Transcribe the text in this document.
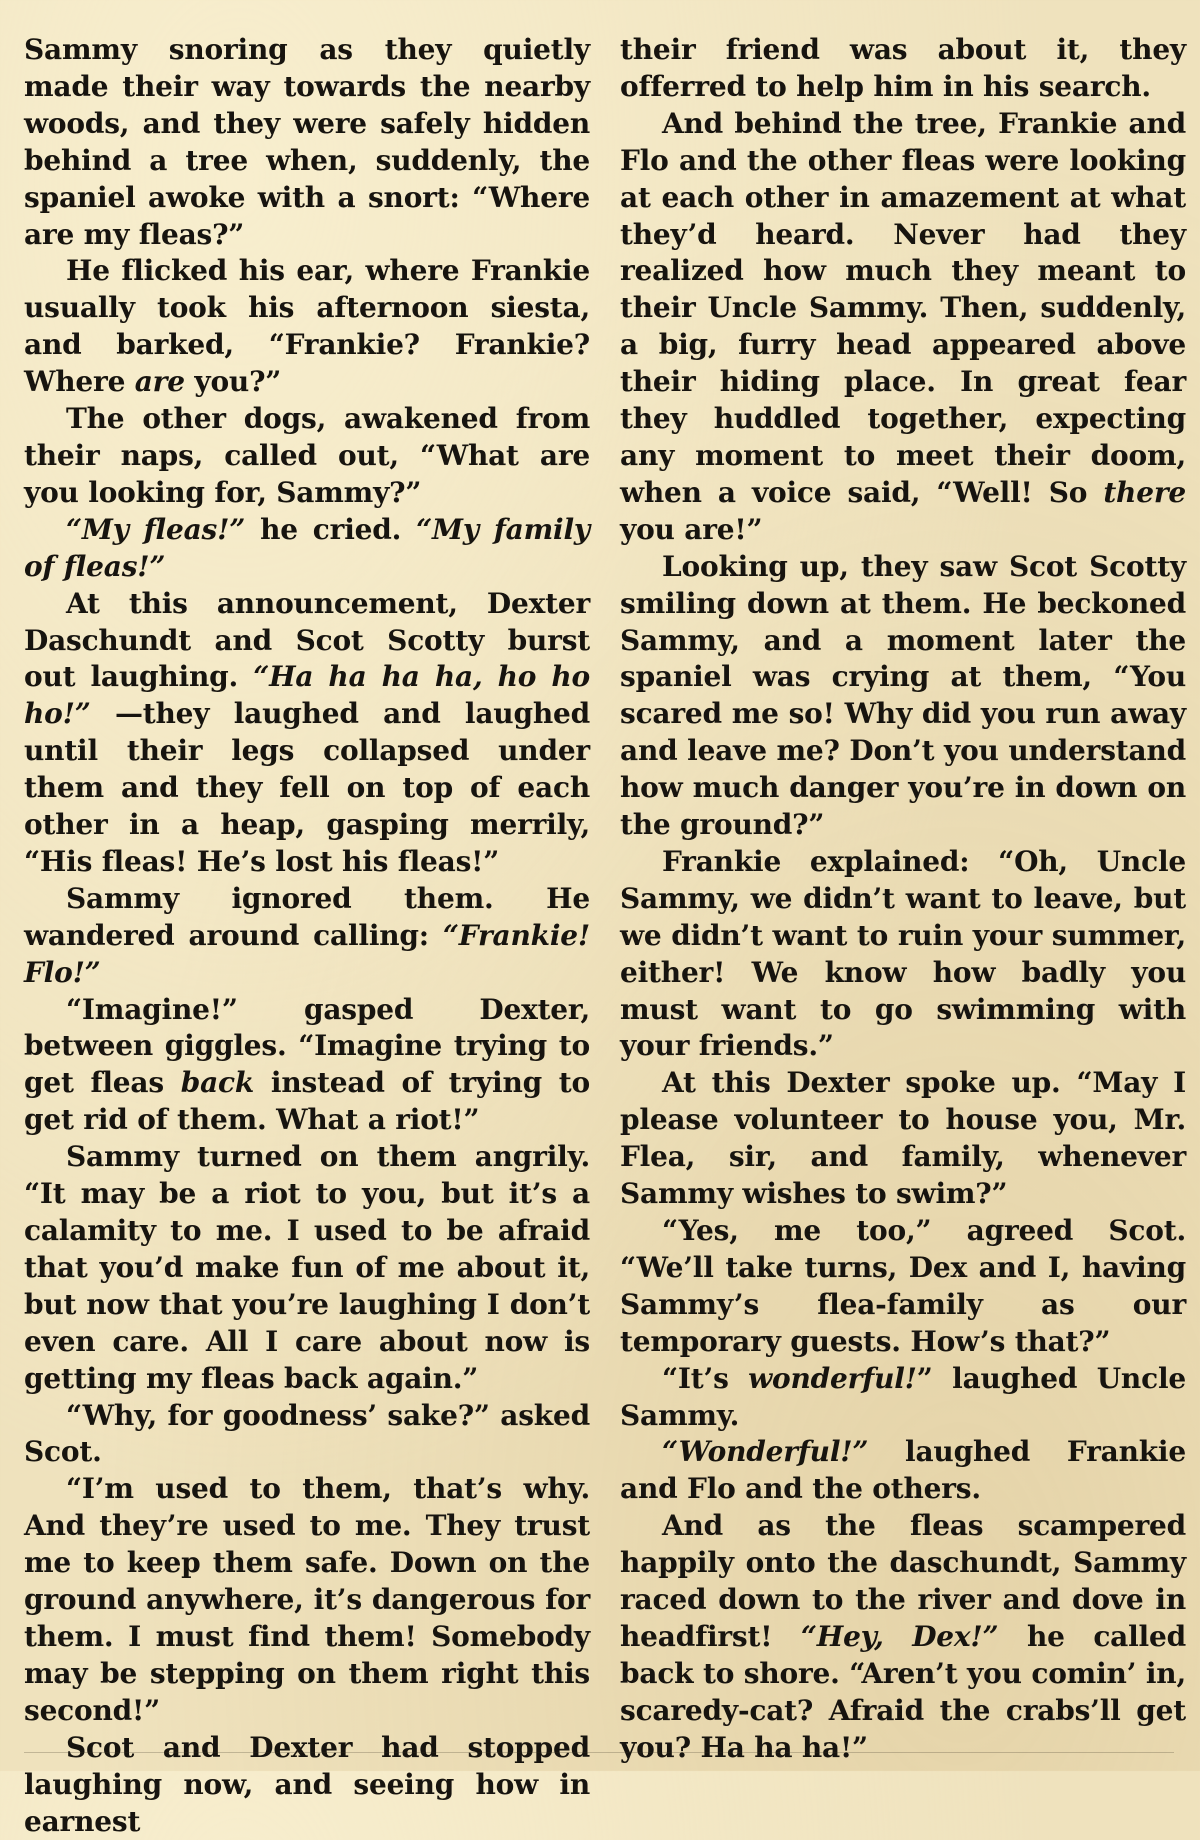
Sammy snoring as they quietly made their way towards the nearby woods, and they were safely hidden behind a tree when, suddenly, the spaniel awoke with a snort: “Where are my fleas?”

He flicked his ear, where Frankie usually took his afternoon siesta, and barked, “Frankie? Frankie? Where are you?”

The other dogs, awakened from their naps, called out, “What are you looking for, Sammy?”

“My fleas!” he cried. “My family of fleas!”

At this announcement, Dexter Daschundt and Scot Scotty burst out laughing. “Ha ha ha ha, ho ho ho!” —they laughed and laughed until their legs collapsed under them and they fell on top of each other in a heap, gasping merrily, “His fleas! He’s lost his fleas!”

Sammy ignored them. He wandered around calling: “Frankie! Flo!”

“Imagine!” gasped Dexter, between giggles. “Imagine trying to get fleas back instead of trying to get rid of them. What a riot!”

Sammy turned on them angrily. “It may be a riot to you, but it’s a calamity to me. I used to be afraid that you’d make fun of me about it, but now that you’re laughing I don’t even care. All I care about now is getting my fleas back again.”

“Why, for goodness’ sake?” asked Scot.

“I’m used to them, that’s why. And they’re used to me. They trust me to keep them safe. Down on the ground anywhere, it’s dangerous for them. I must find them! Somebody may be stepping on them right this second!”

Scot and Dexter had stopped laughing now, and seeing how in earnest

their friend was about it, they offerred to help him in his search.

And behind the tree, Frankie and Flo and the other fleas were looking at each other in amazement at what they’d heard. Never had they realized how much they meant to their Uncle Sammy. Then, suddenly, a big, furry head appeared above their hiding place. In great fear they huddled together, expecting any moment to meet their doom, when a voice said, “Well! So there you are!”

Looking up, they saw Scot Scotty smiling down at them. He beckoned Sammy, and a moment later the spaniel was crying at them, “You scared me so! Why did you run away and leave me? Don’t you understand how much danger you’re in down on the ground?”

Frankie explained: “Oh, Uncle Sammy, we didn’t want to leave, but we didn’t want to ruin your summer, either! We know how badly you must want to go swimming with your friends.”

At this Dexter spoke up. “May I please volunteer to house you, Mr. Flea, sir, and family, whenever Sammy wishes to swim?”

“Yes, me too,” agreed Scot. “We’ll take turns, Dex and I, having Sammy’s flea-family as our temporary guests. How’s that?”

“It’s wonderful!” laughed Uncle Sammy.

“Wonderful!” laughed Frankie and Flo and the others.

And as the fleas scampered happily onto the daschundt, Sammy raced down to the river and dove in headfirst! “Hey, Dex!” he called back to shore. “Aren’t you comin’ in, scaredy-cat? Afraid the crabs’ll get you? Ha ha ha!”
